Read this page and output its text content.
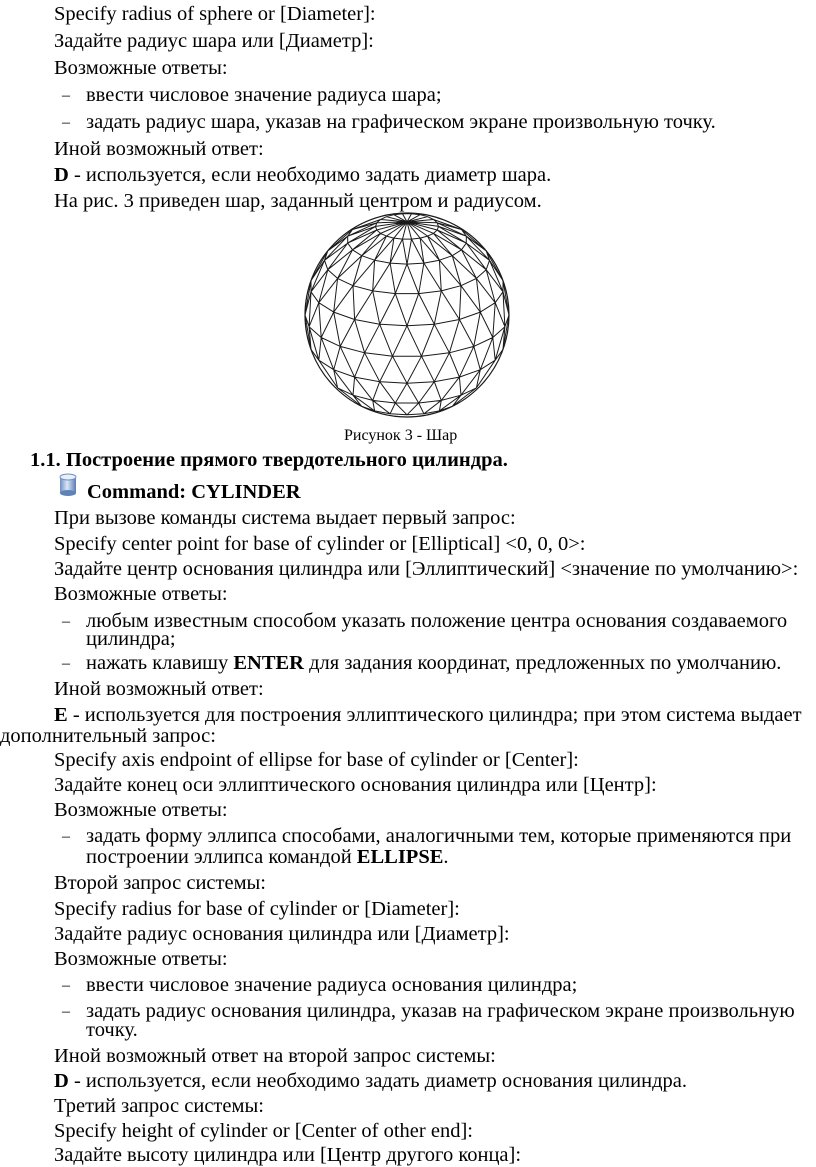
Specify radius of sphere or [Diameter]:

Задайте радиус шара или [Диаметр]:

Возможные ответы:

– ввести числовое значение радиуса шара;

– задать радиус шара, указав на графическом экране произвольную точку.

Иной возможный ответ:

D - используется, если необходимо задать диаметр шара.

На рис. 3 приведен шар, заданный центром и радиусом.

Рисунок 3 - Шар

1.1. Построение прямого твердотельного цилиндра.

Command: CYLINDER

При вызове команды система выдает первый запрос:

Specify center point for base of cylinder or [Elliptical] <0, 0, 0>:

Задайте центр основания цилиндра или [Эллиптический] <значение по умолчанию>:

Возможные ответы:

– любым известным способом указать положение центра основания создаваемого

цилиндра;

– нажать клавишу ENTER для задания координат, предложенных по умолчанию.

Иной возможный ответ:

E - используется для построения эллиптического цилиндра; при этом система выдает

дополнительный запрос:

Specify axis endpoint of ellipse for base of cylinder or [Center]:

Задайте конец оси эллиптического основания цилиндра или [Центр]:

Возможные ответы:

– задать форму эллипса способами, аналогичными тем, которые применяются при

построении эллипса командой ELLIPSE.

Второй запрос системы:

Specify radius for base of cylinder or [Diameter]:

Задайте радиус основания цилиндра или [Диаметр]:

Возможные ответы:

– ввести числовое значение радиуса основания цилиндра;

– задать радиус основания цилиндра, указав на графическом экране произвольную

точку.

Иной возможный ответ на второй запрос системы:

D - используется, если необходимо задать диаметр основания цилиндра.

Третий запрос системы:

Specify height of cylinder or [Center of other end]:

Задайте высоту цилиндра или [Центр другого конца]:
